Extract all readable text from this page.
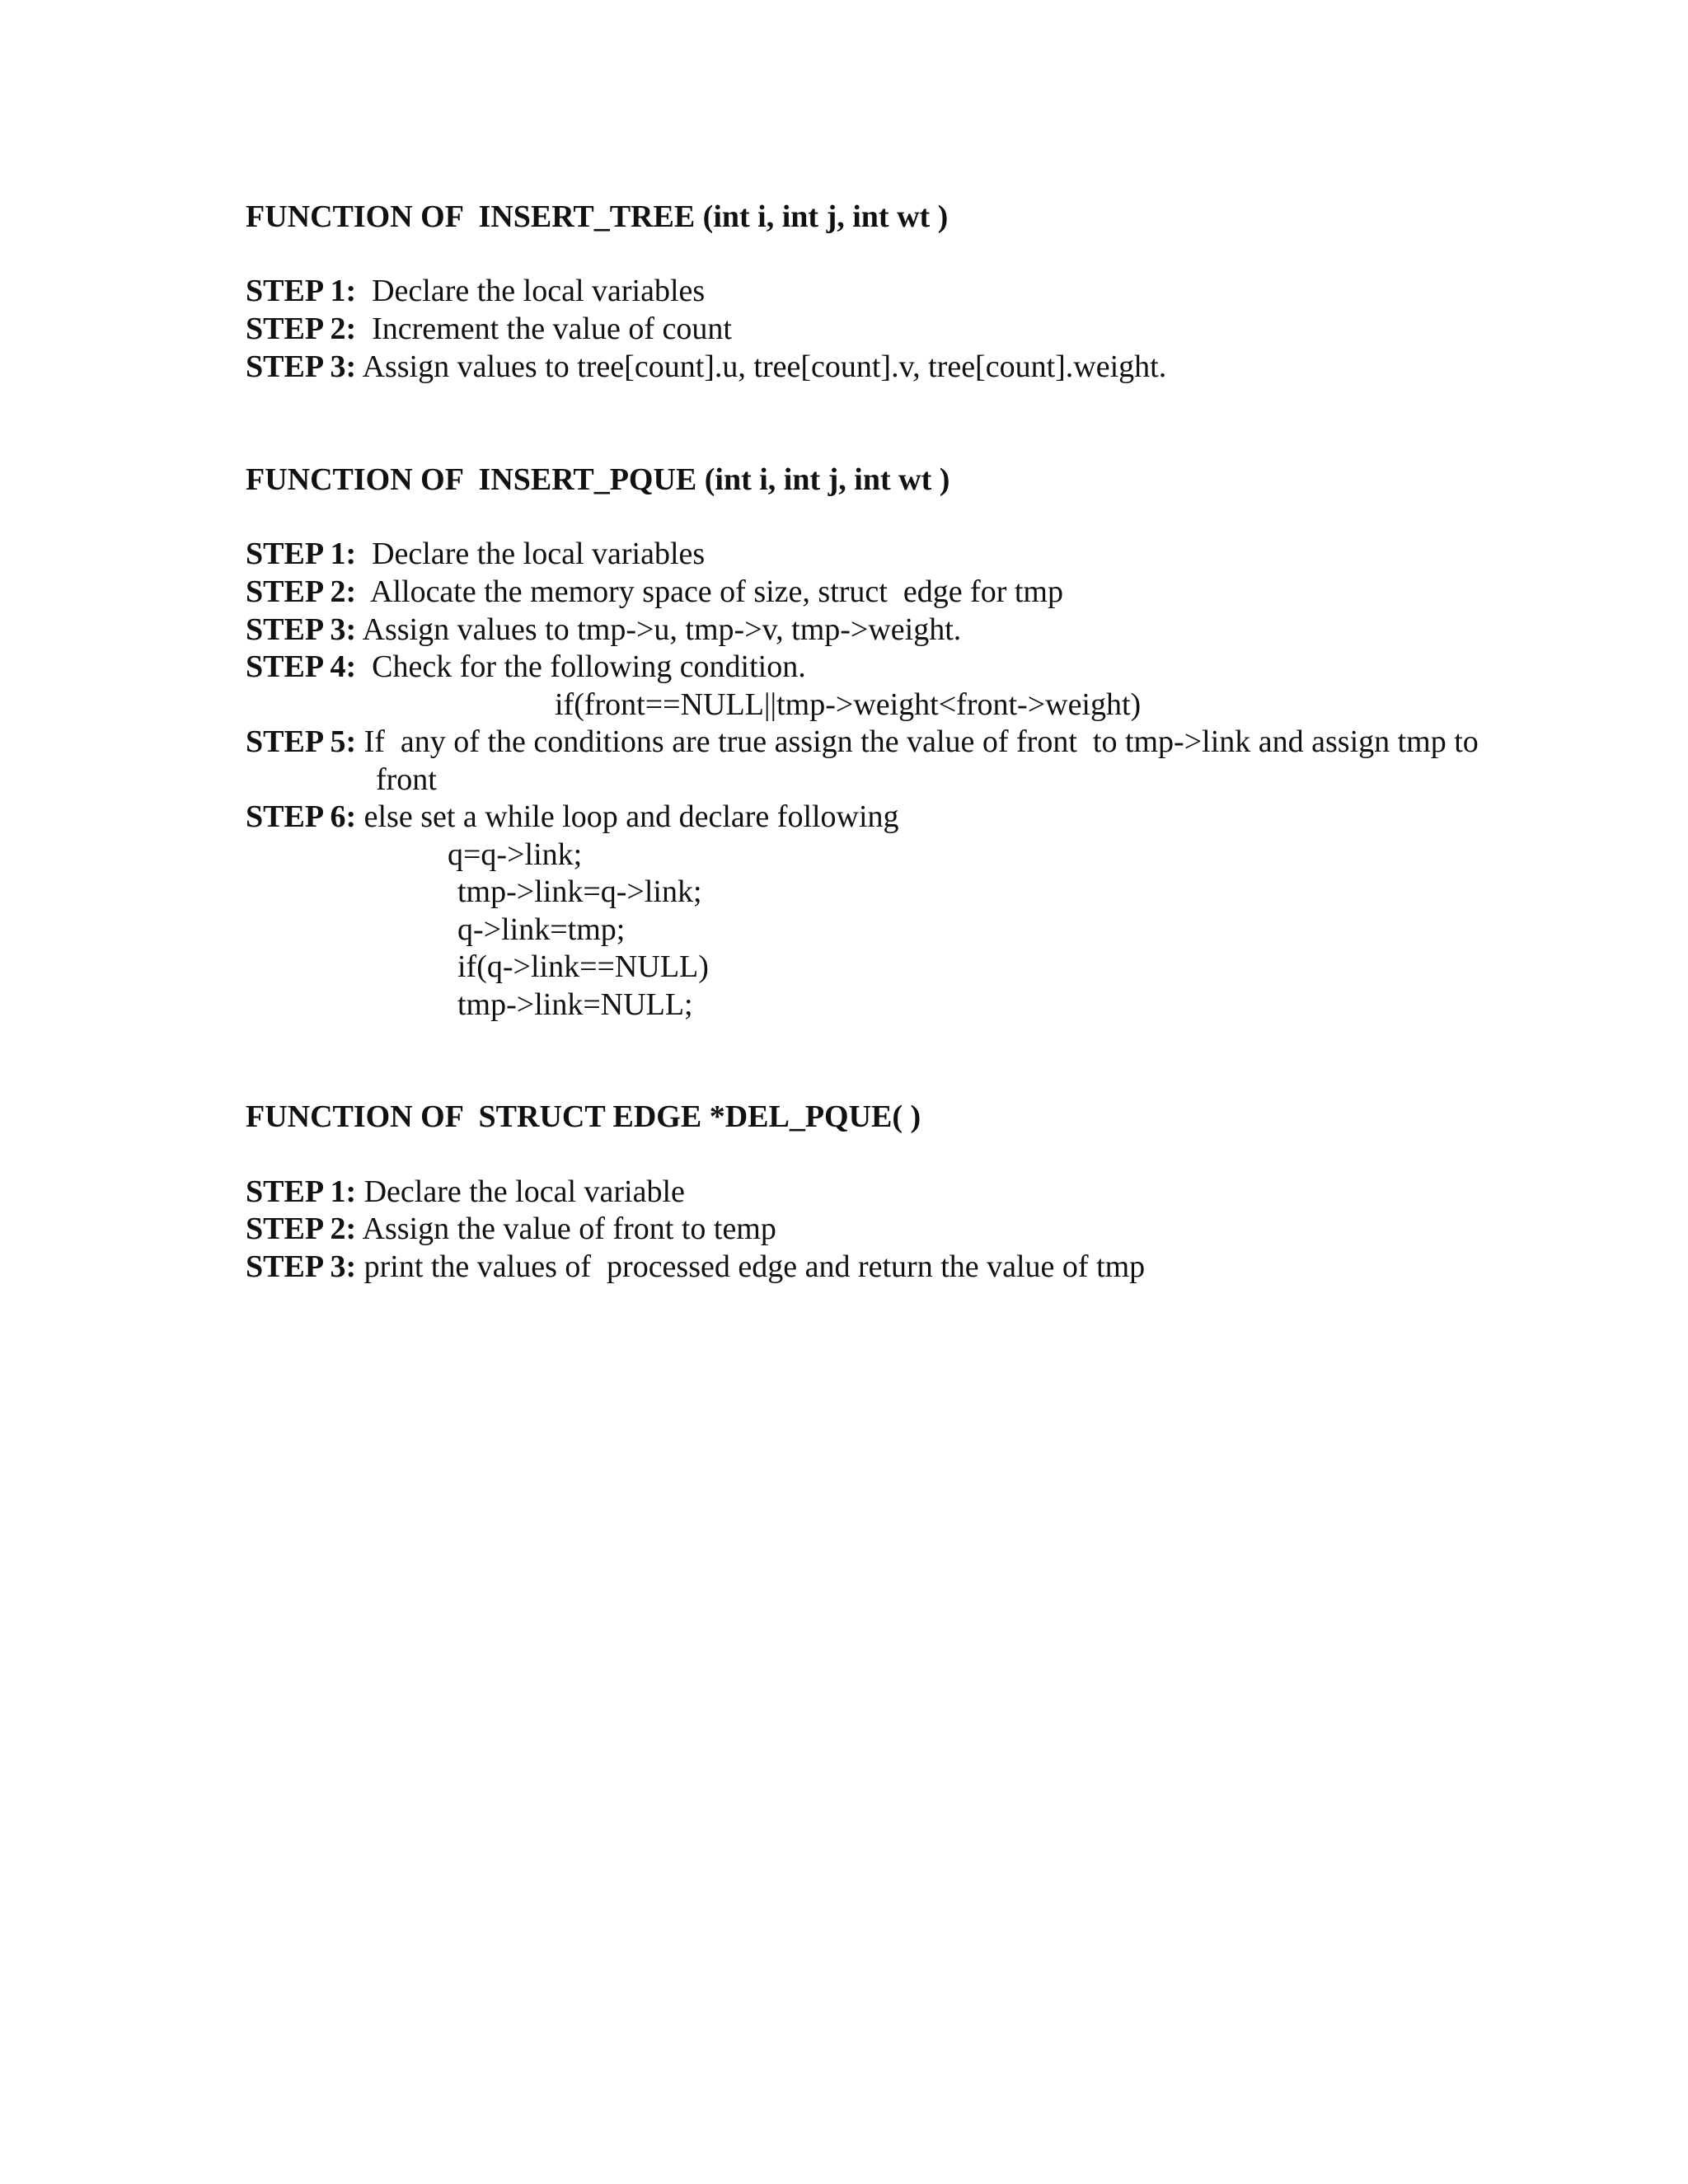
FUNCTION OF  INSERT_TREE (int i, int j, int wt )
STEP 1:  Declare the local variables
STEP 2:  Increment the value of count
STEP 3: Assign values to tree[count].u, tree[count].v, tree[count].weight.
FUNCTION OF  INSERT_PQUE (int i, int j, int wt )
STEP 1:  Declare the local variables
STEP 2:  Allocate the memory space of size, struct  edge for tmp
STEP 3: Assign values to tmp->u, tmp->v, tmp->weight.
STEP 4:  Check for the following condition.
if(front==NULL||tmp->weight<front->weight)
STEP 5: If  any of the conditions are true assign the value of front  to tmp->link and assign tmp to
front
STEP 6: else set a while loop and declare following
q=q->link;
tmp->link=q->link;
q->link=tmp;
if(q->link==NULL)
tmp->link=NULL;
FUNCTION OF  STRUCT EDGE *DEL_PQUE( )
STEP 1: Declare the local variable
STEP 2: Assign the value of front to temp
STEP 3: print the values of  processed edge and return the value of tmp
